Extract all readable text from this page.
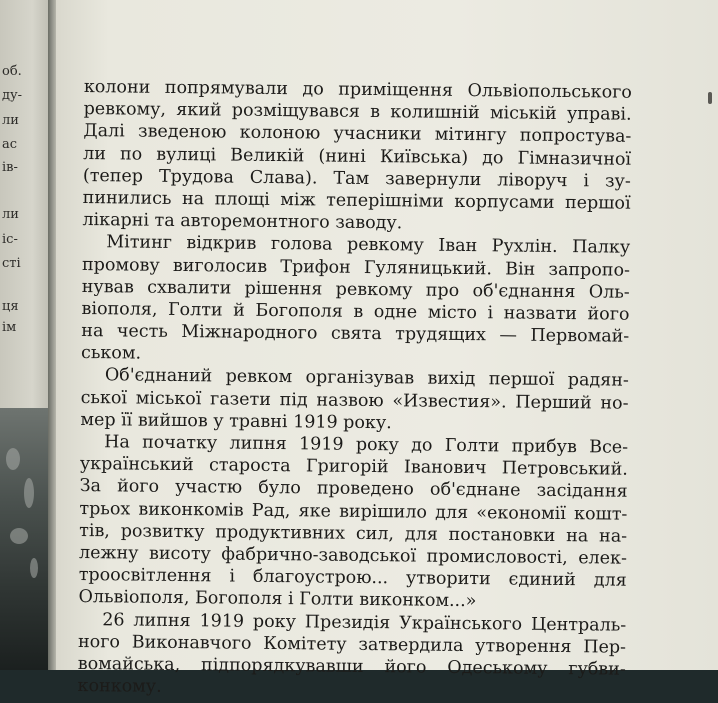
об.
ду-
ли
ас
ів-
ли
іс-
сті
ця
ім
колони попрямували до приміщення Ольвіопольського
ревкому, який розміщувався в колишній міській управі.
Далі зведеною колоною учасники мітингу попростува-
ли по вулиці Великій (нині Київська) до Гімназичної
(тепер Трудова Слава). Там завернули ліворуч і зу-
пинились на площі між теперішніми корпусами першої
лікарні та авторемонтного заводу.
Мітинг відкрив голова ревкому Іван Рухлін. Палку
промову виголосив Трифон Гуляницький. Він запропо-
нував схвалити рішення ревкому про об'єднання Оль-
віополя, Голти й Богополя в одне місто і назвати його
на честь Міжнародного свята трудящих — Первомай-
ськом.
Об'єднаний ревком організував вихід першої радян-
ської міської газети під назвою «Известия». Перший но-
мер її вийшов у травні 1919 року.
На початку липня 1919 року до Голти прибув Все-
український староста Григорій Іванович Петровський.
За його участю було проведено об'єднане засідання
трьох виконкомів Рад, яке вирішило для «економії кошт-
тів, розвитку продуктивних сил, для постановки на на-
лежну висоту фабрично-заводської промисловості, елек-
троосвітлення і благоустрою... утворити єдиний для
Ольвіополя, Богополя і Голти виконком...»
26 липня 1919 року Президія Українського Централь-
ного Виконавчого Комітету затвердила утворення Пер-
вомайська, підпорядкувавши його Одеському губви-
конкому.
